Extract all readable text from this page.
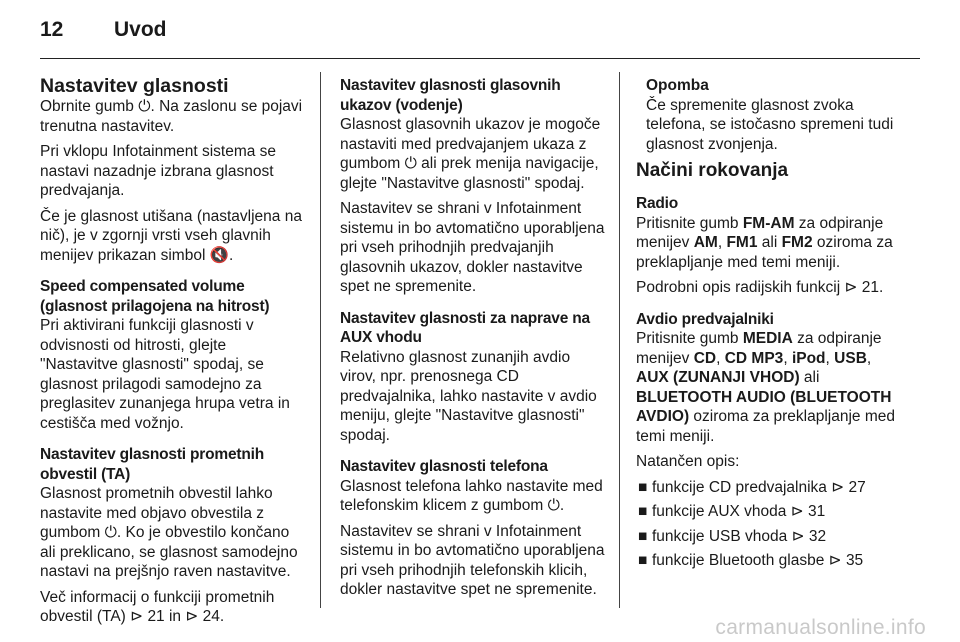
12 Uvod
Nastavitev glasnosti

Obrnite gumb ⏻. Na zaslonu se pojavi trenutna nastavitev.

Pri vklopu Infotainment sistema se nastavi nazadnje izbrana glasnost predvajanja.

Če je glasnost utišana (nastavljena na nič), je v zgornji vrsti vseh glavnih menijev prikazan simbol 🔇.

Speed compensated volume (glasnost prilagojena na hitrost)

Pri aktivirani funkciji glasnosti v odvisnosti od hitrosti, glejte "Nastavitve glasnosti" spodaj, se glasnost prilagodi samodejno za preglasitev zunanjega hrupa vetra in cestišča med vožnjo.

Nastavitev glasnosti prometnih obvestil (TA)

Glasnost prometnih obvestil lahko nastavite med objavo obvestila z gumbom ⏻. Ko je obvestilo končano ali preklicano, se glasnost samodejno nastavi na prejšnjo raven nastavitve.

Več informacij o funkciji prometnih obvestil (TA) ⊳ 21 in ⊳ 24.

Nastavitev glasnosti glasovnih ukazov (vodenje)

Glasnost glasovnih ukazov je mogoče nastaviti med predvajanjem ukaza z gumbom ⏻ ali prek menija navigacije, glejte "Nastavitve glasnosti" spodaj.

Nastavitev se shrani v Infotainment sistemu in bo avtomatično uporabljena pri vseh prihodnjih predvajanjih glasovnih ukazov, dokler nastavitve spet ne spremenite.

Nastavitev glasnosti za naprave na AUX vhodu

Relativno glasnost zunanjih avdio virov, npr. prenosnega CD predvajalnika, lahko nastavite v avdio meniju, glejte "Nastavitve glasnosti" spodaj.

Nastavitev glasnosti telefona

Glasnost telefona lahko nastavite med telefonskim klicem z gumbom ⏻.

Nastavitev se shrani v Infotainment sistemu in bo avtomatično uporabljena pri vseh prihodnjih telefonskih klicih, dokler nastavitve spet ne spremenite.

Opomba

Če spremenite glasnost zvoka telefona, se istočasno spremeni tudi glasnost zvonjenja.

Načini rokovanja
Radio

Pritisnite gumb FM-AM za odpiranje menijev AM, FM1 ali FM2 oziroma za preklapljanje med temi meniji.

Podrobni opis radijskih funkcij ⊳ 21.

Avdio predvajalniki

Pritisnite gumb MEDIA za odpiranje menijev CD, CD MP3, iPod, USB, AUX (ZUNANJI VHOD) ali BLUETOOTH AUDIO (BLUETOOTH AVDIO) oziroma za preklapljanje med temi meniji.

Natančen opis:

■ funkcije CD predvajalnika ⊳ 27
■ funkcije AUX vhoda ⊳ 31
■ funkcije USB vhoda ⊳ 32
■ funkcije Bluetooth glasbe ⊳ 35
carmanualsonline.info
